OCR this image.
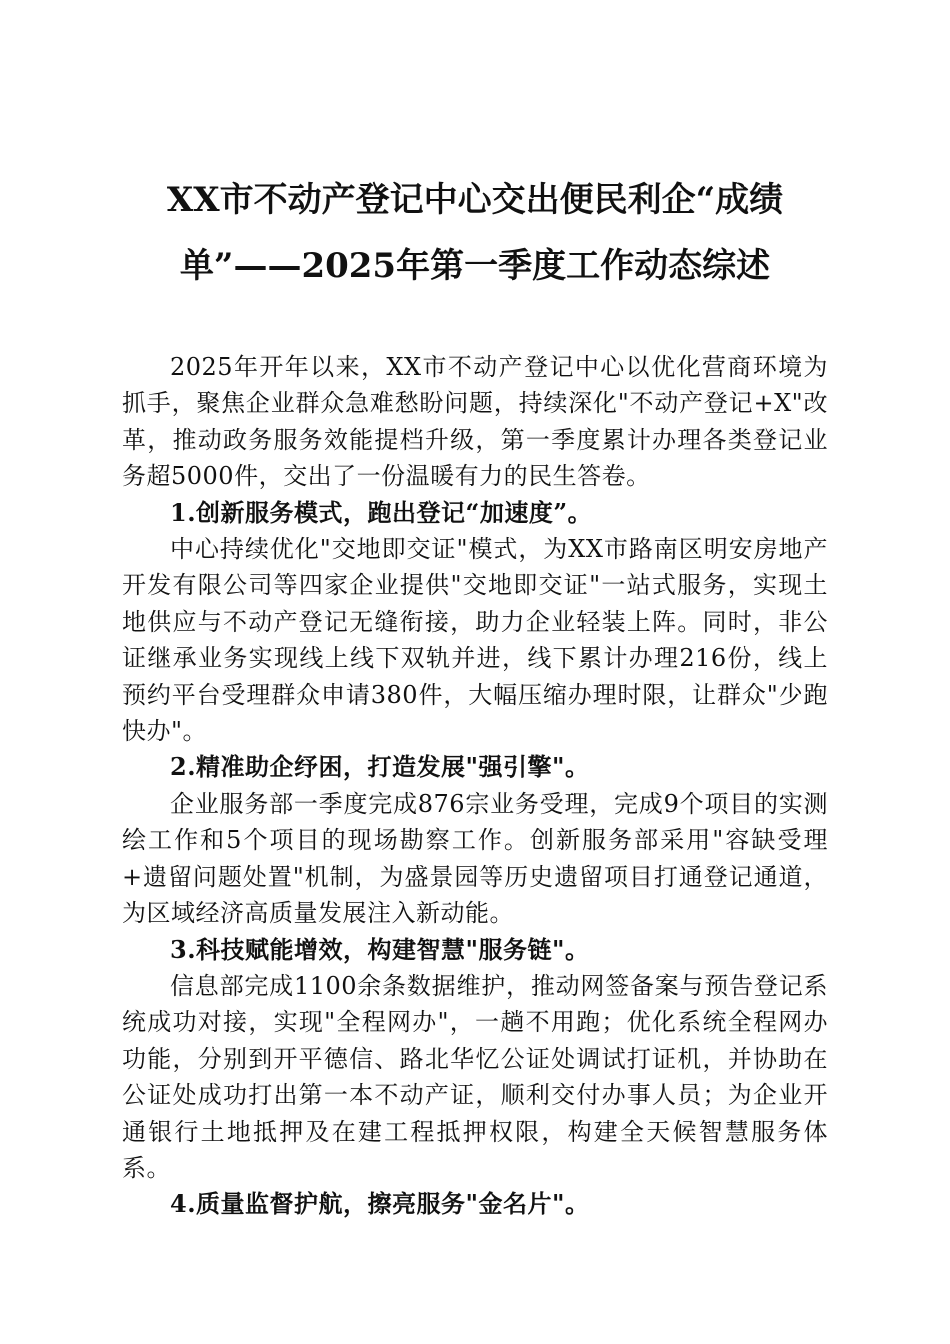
XX市不动产登记中心交出便民利企“成绩
单”——2025年第一季度工作动态综述

2025年开年以来，XX市不动产登记中心以优化营商环境为抓手，聚焦企业群众急难愁盼问题，持续深化"不动产登记+X"改革，推动政务服务效能提档升级，第一季度累计办理各类登记业务超5000件，交出了一份温暖有力的民生答卷。

1.创新服务模式，跑出登记“加速度”。

中心持续优化"交地即交证"模式，为XX市路南区明安房地产开发有限公司等四家企业提供"交地即交证"一站式服务，实现土地供应与不动产登记无缝衔接，助力企业轻装上阵。同时，非公证继承业务实现线上线下双轨并进，线下累计办理216份，线上预约平台受理群众申请380件，大幅压缩办理时限，让群众"少跑快办"。

2.精准助企纾困，打造发展"强引擎"。

企业服务部一季度完成876宗业务受理，完成9个项目的实测绘工作和5个项目的现场勘察工作。创新服务部采用"容缺受理+遗留问题处置"机制，为盛景园等历史遗留项目打通登记通道，为区域经济高质量发展注入新动能。

3.科技赋能增效，构建智慧"服务链"。

信息部完成1100余条数据维护，推动网签备案与预告登记系统成功对接，实现"全程网办"，一趟不用跑；优化系统全程网办功能，分别到开平德信、路北华忆公证处调试打证机，并协助在公证处成功打出第一本不动产证，顺利交付办事人员；为企业开通银行土地抵押及在建工程抵押权限，构建全天候智慧服务体系。

4.质量监督护航，擦亮服务"金名片"。
